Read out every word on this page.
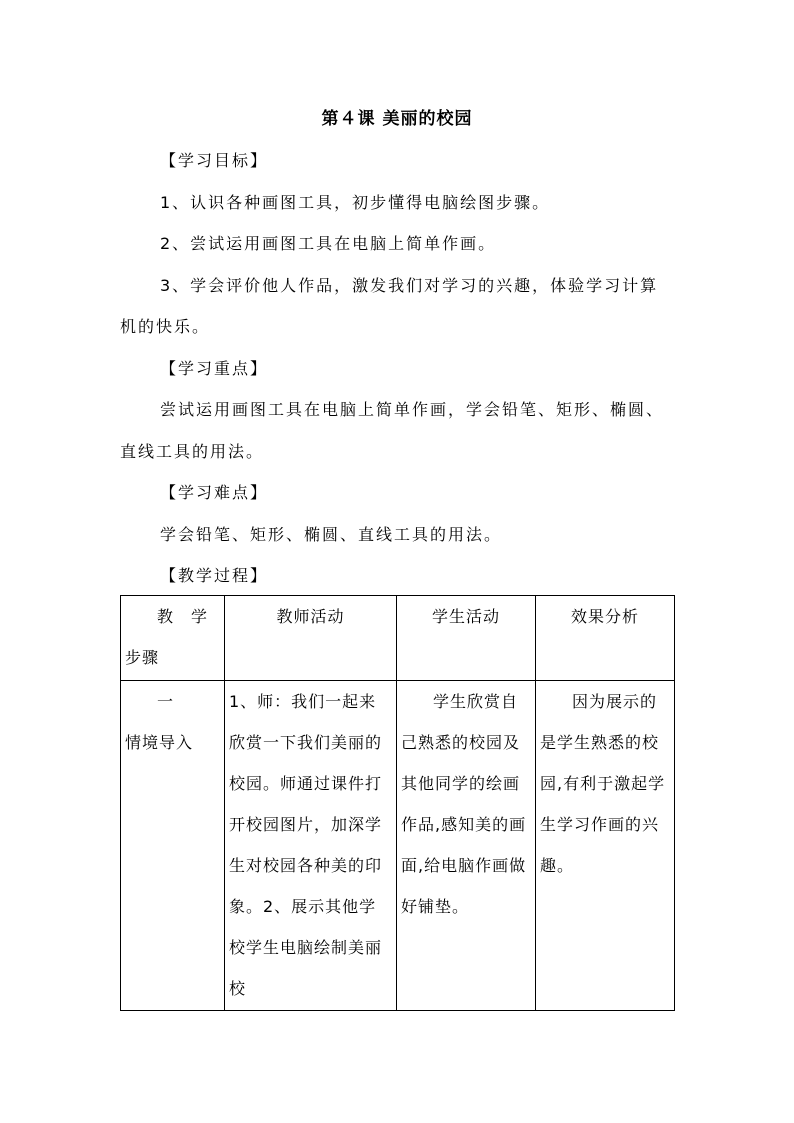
第４课 美丽的校园
【学习目标】
1、认识各种画图工具，初步懂得电脑绘图步骤。
2、尝试运用画图工具在电脑上简单作画。
3、学会评价他人作品，激发我们对学习的兴趣，体验学习计算
机的快乐。
【学习重点】
尝试运用画图工具在电脑上简单作画，学会铅笔、矩形、椭圆、
直线工具的用法。
【学习难点】
学会铅笔、矩形、椭圆、直线工具的用法。
【教学过程】
教　学　步骤	教师活动	学生活动	效果分析
一　　情境导入	1、师：我们一起来欣赏一下我们美丽的校园。师通过课件打开校园图片，加深学生对校园各种美的印象。2、展示其他学校学生电脑绘制美丽校	学生欣赏自己熟悉的校园及其他同学的绘画作品,感知美的画面,给电脑作画做好铺垫。	因为展示的是学生熟悉的校园,有利于激起学生学习作画的兴趣。
